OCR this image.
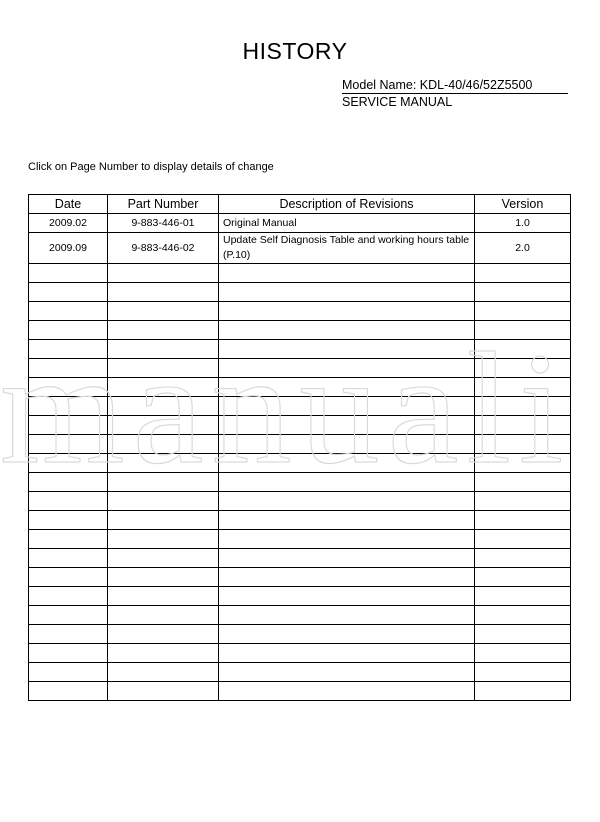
HISTORY
Model Name: KDL-40/46/52Z5500
SERVICE MANUAL
Click on Page Number to display details of change
Date	Part Number	Description of Revisions	Version
2009.02	9-883-446-01	Original Manual	1.0
2009.09	9-883-446-02	Update Self Diagnosis Table and working hours table (P.10)	2.0

manuali
